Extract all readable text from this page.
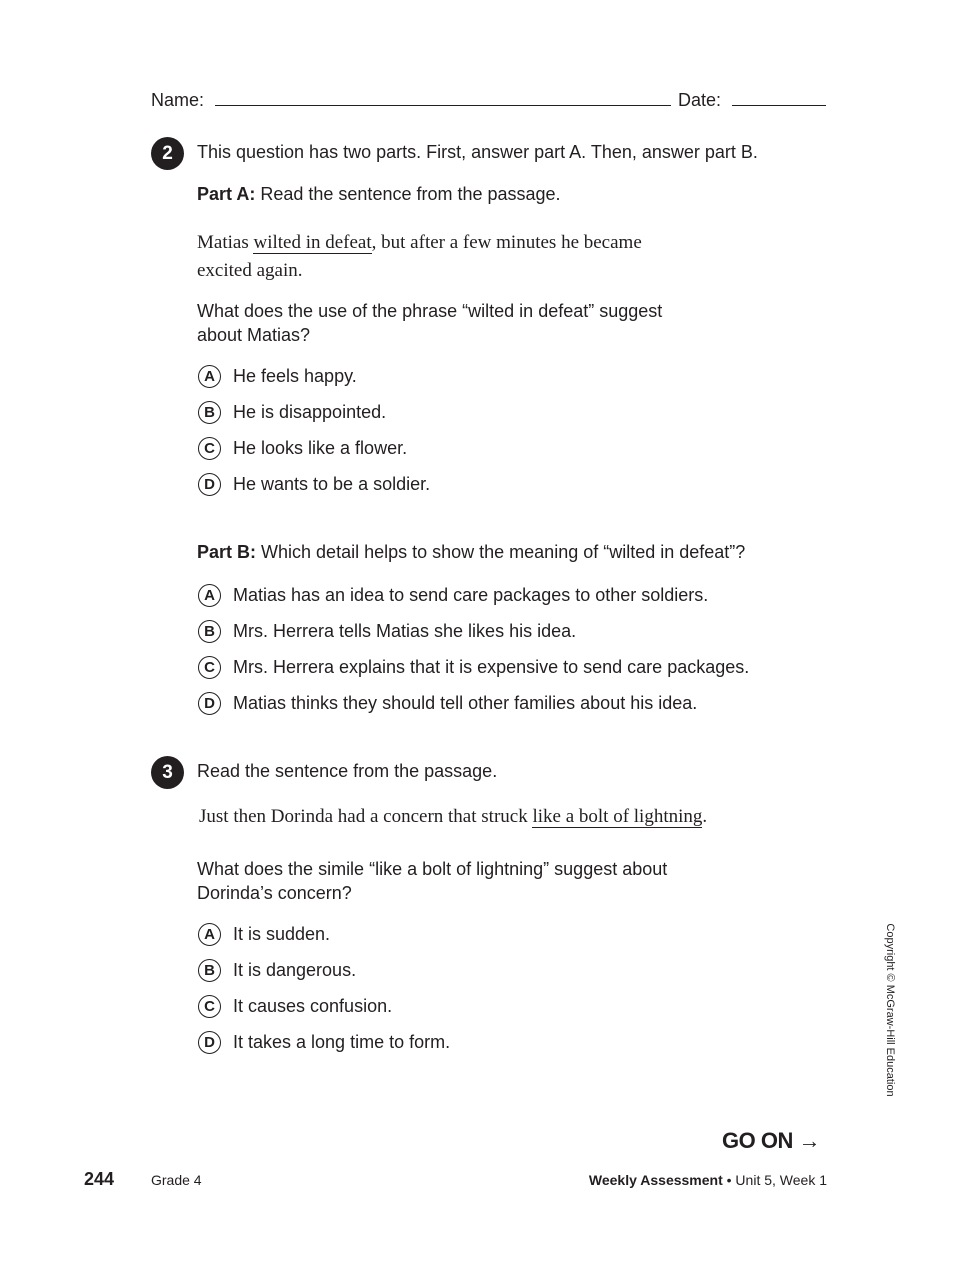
Name:	Date:
2	This question has two parts. First, answer part A. Then, answer part B.
Part A: Read the sentence from the passage.
Matias wilted in defeat, but after a few minutes he became
excited again.
What does the use of the phrase “wilted in defeat” suggest
about Matias?
A	He feels happy.
B	He is disappointed.
C	He looks like a flower.
D	He wants to be a soldier.
Part B: Which detail helps to show the meaning of “wilted in defeat”?
A	Matias has an idea to send care packages to other soldiers.
B	Mrs. Herrera tells Matias she likes his idea.
C	Mrs. Herrera explains that it is expensive to send care packages.
D	Matias thinks they should tell other families about his idea.
3	Read the sentence from the passage.
Just then Dorinda had a concern that struck like a bolt of lightning.
What does the simile “like a bolt of lightning” suggest about
Dorinda’s concern?
A	It is sudden.
B	It is dangerous.
C	It causes confusion.
D	It takes a long time to form.	Copyright © McGraw-Hill Education
GO ON →
244	Grade 4	Weekly Assessment • Unit 5, Week 1
